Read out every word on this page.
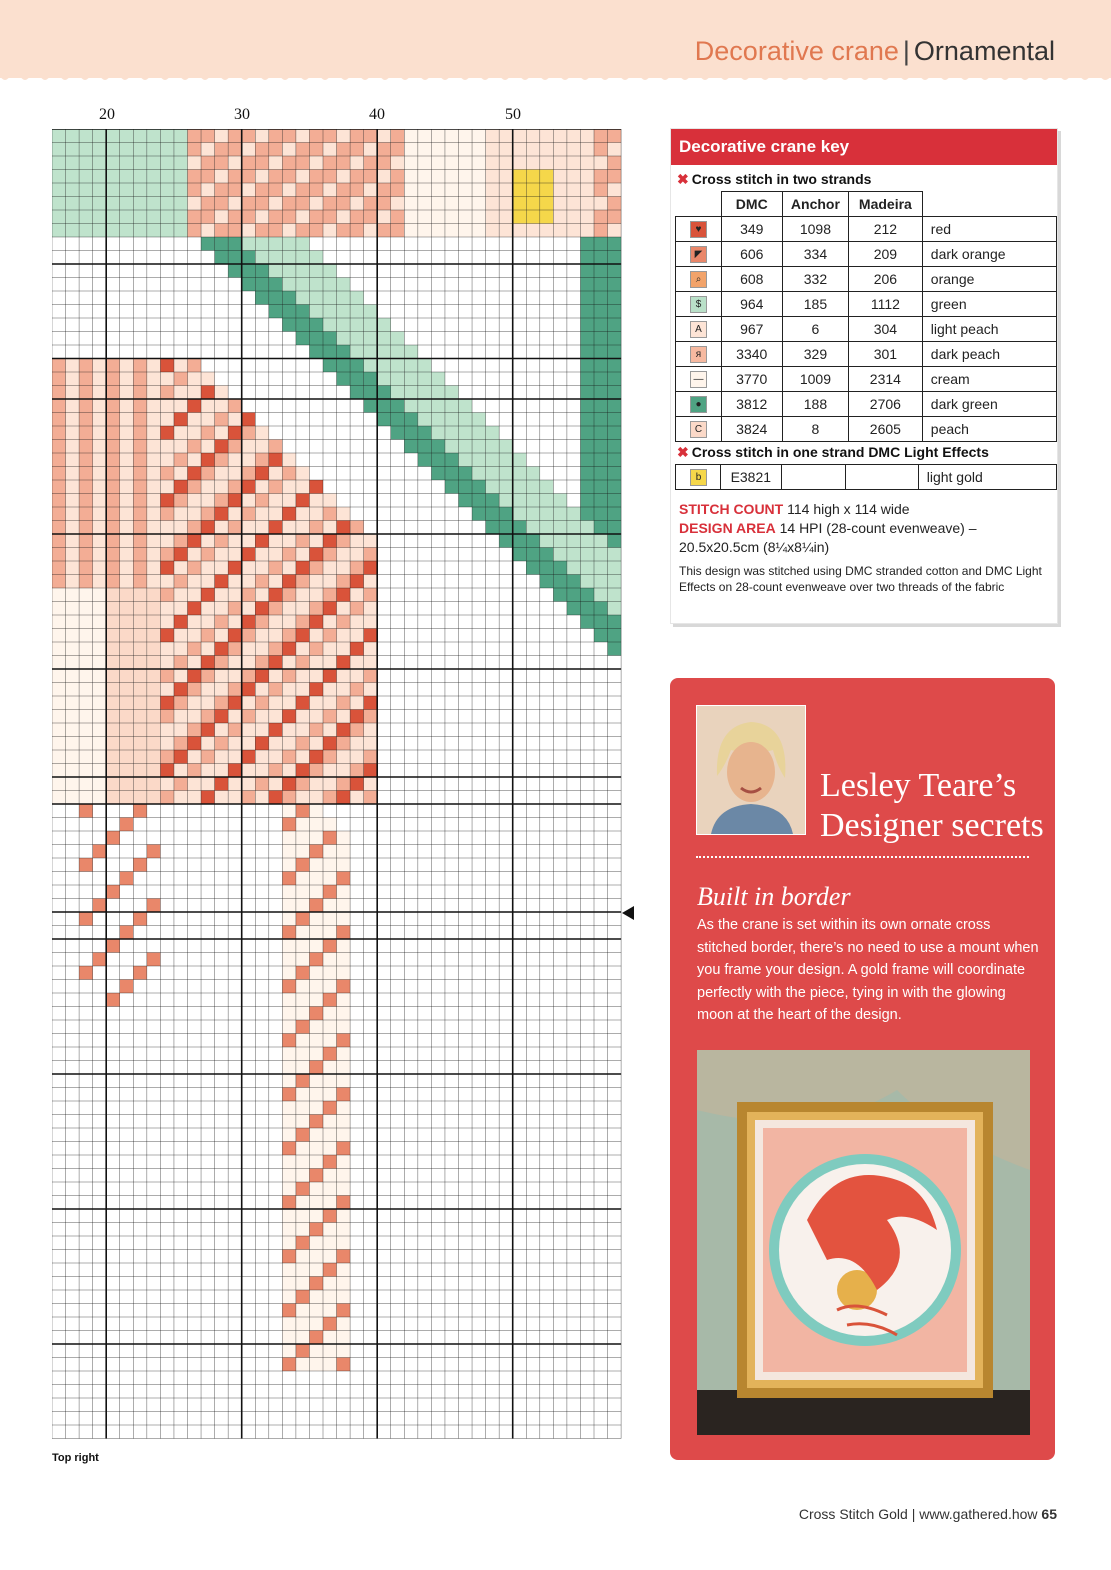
Decorative crane | Ornamental
20	30	40	50
Top right
Decorative crane key
✖ Cross stitch in two strands
	DMC	Anchor	Madeira	
♥	349	1098	212	red
◤	606	334	209	dark orange
⌕	608	332	206	orange
$	964	185	1112	green
A	967	6	304	light peach
я	3340	329	301	dark peach
—	3770	1009	2314	cream
●	3812	188	2706	dark green
C	3824	8	2605	peach
✖ Cross stitch in one strand DMC Light Effects
b	E3821			light gold
STITCH COUNT 114 high x 114 wide
DESIGN AREA 14 HPI (28-count evenweave) – 20.5x20.5cm (8¼x8¼in)
This design was stitched using DMC stranded cotton and DMC Light Effects on 28-count evenweave over two threads of the fabric
Lesley Teare’s
Designer secrets
Built in border
As the crane is set within its own ornate cross stitched border, there’s no need to use a mount when you frame your design. A gold frame will coordinate perfectly with the piece, tying in with the glowing moon at the heart of the design.
Cross Stitch Gold | www.gathered.how 65
